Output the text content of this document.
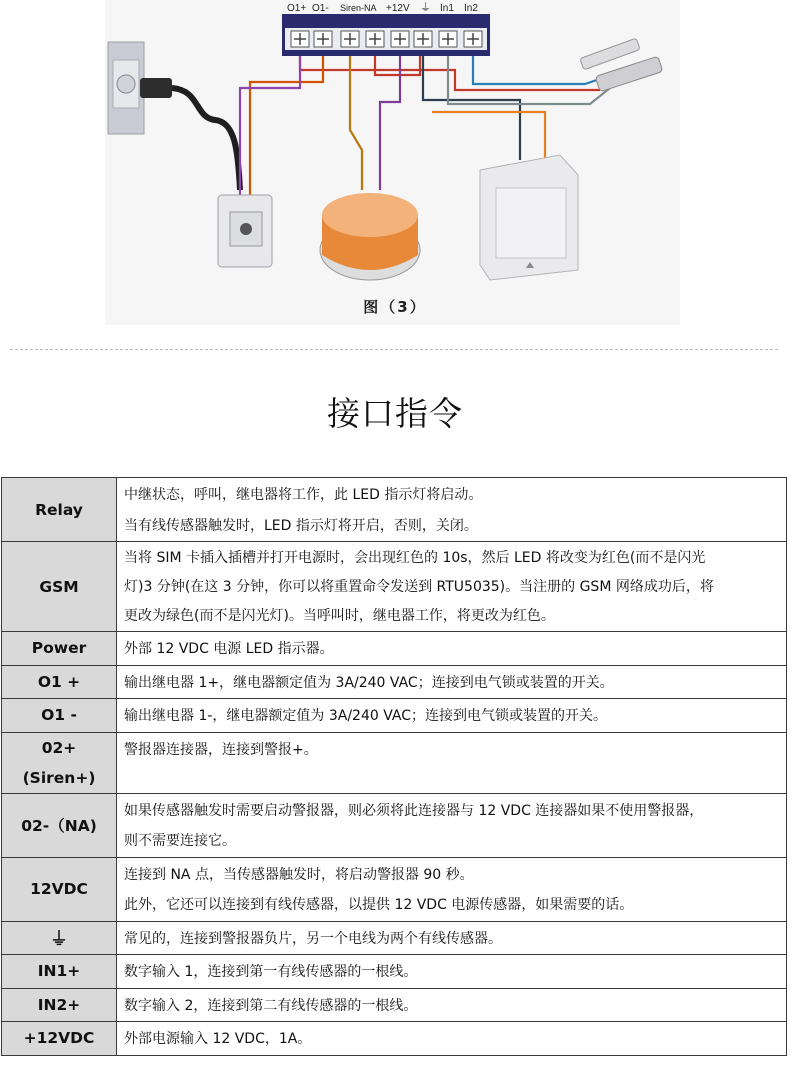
O1+ O1- Siren-NA +12V ⏚ In1 In2
图（3）
接口指令
Relay	中继状态，呼叫，继电器将工作，此 LED 指示灯将启动。
当有线传感器触发时，LED 指示灯将开启，否则，关闭。

GSM	当将 SIM 卡插入插槽并打开电源时，会出现红色的 10s，然后 LED 将改变为红色(而不是闪光
灯)3 分钟(在这 3 分钟，你可以将重置命令发送到 RTU5035)。当注册的 GSM 网络成功后，将
更改为绿色(而不是闪光灯)。当呼叫时，继电器工作，将更改为红色。

Power	外部 12 VDC 电源 LED 指示器。

O1 +	输出继电器 1+，继电器额定值为 3A/240 VAC；连接到电气锁或装置的开关。

O1 -	输出继电器 1-，继电器额定值为 3A/240 VAC；连接到电气锁或装置的开关。

02+
(Siren+)	警报器连接器，连接到警报+。

02-（NA)	如果传感器触发时需要启动警报器，则必须将此连接器与 12 VDC 连接器如果不使用警报器，
则不需要连接它。

12VDC	连接到 NA 点，当传感器触发时，将启动警报器 90 秒。
此外，它还可以连接到有线传感器，以提供 12 VDC 电源传感器，如果需要的话。

⏚	常见的，连接到警报器负片，另一个电线为两个有线传感器。

IN1+	数字输入 1，连接到第一有线传感器的一根线。

IN2+	数字输入 2，连接到第二有线传感器的一根线。

+12VDC	外部电源输入 12 VDC，1A。
